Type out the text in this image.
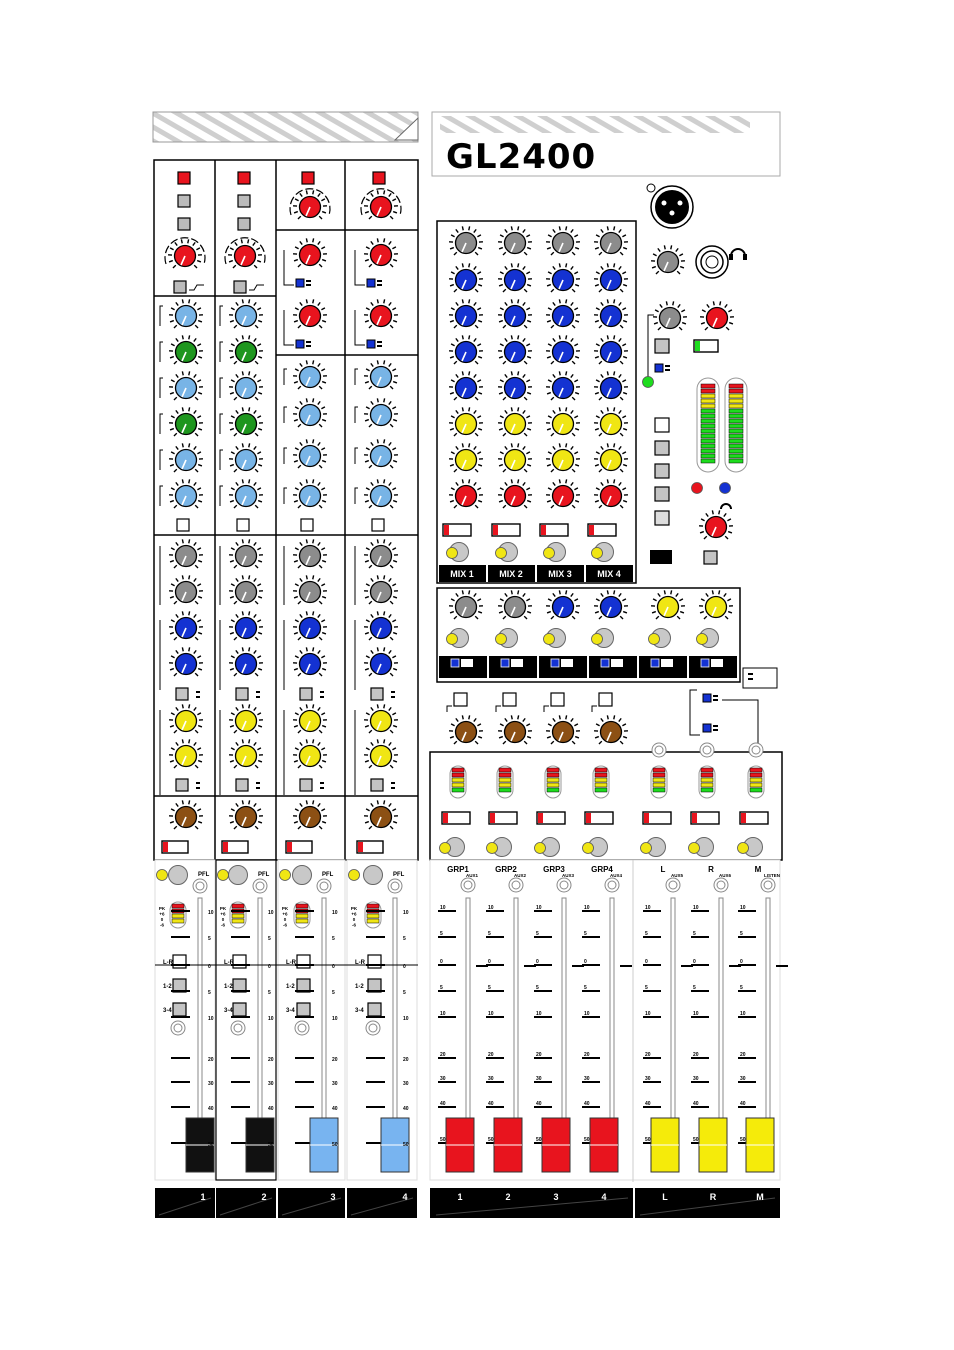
GL2400
MIX 1	MIX 2	MIX 3	MIX 4
PFL
PK
+6
0
-6
L-R
1-2
3-4
10
5
0
5
10
20
30
40
50
1
PFL
PK
+6
0
-6
L-R
1-2
3-4
10
5
0
5
10
20
30
40
50
2
PFL
PK
+6
0
-6
L-R
1-2
3-4
10
5
0
5
10
20
30
40
50
3
PFL
PK
+6
0
-6
L-R
1-2
3-4
10
5
0
5
10
20
30
40
50
4
10
5
0
5
10
20
30
40
50
GRP1
AUX1
10
5
0
5
10
20
30
40
50
GRP2
AUX2
10
5
0
5
10
20
30
40
50
GRP3
AUX3
10
5
0
5
10
20
30
40
50
GRP4
AUX4
10
5
0
5
10
20
30
40
50
L
AUX5
10
5
0
5
10
20
30
40
50
R
AUX6
10
5
0
5
10
20
30
40
50
M
LISTEN
1	2	3	4	L	R	M
